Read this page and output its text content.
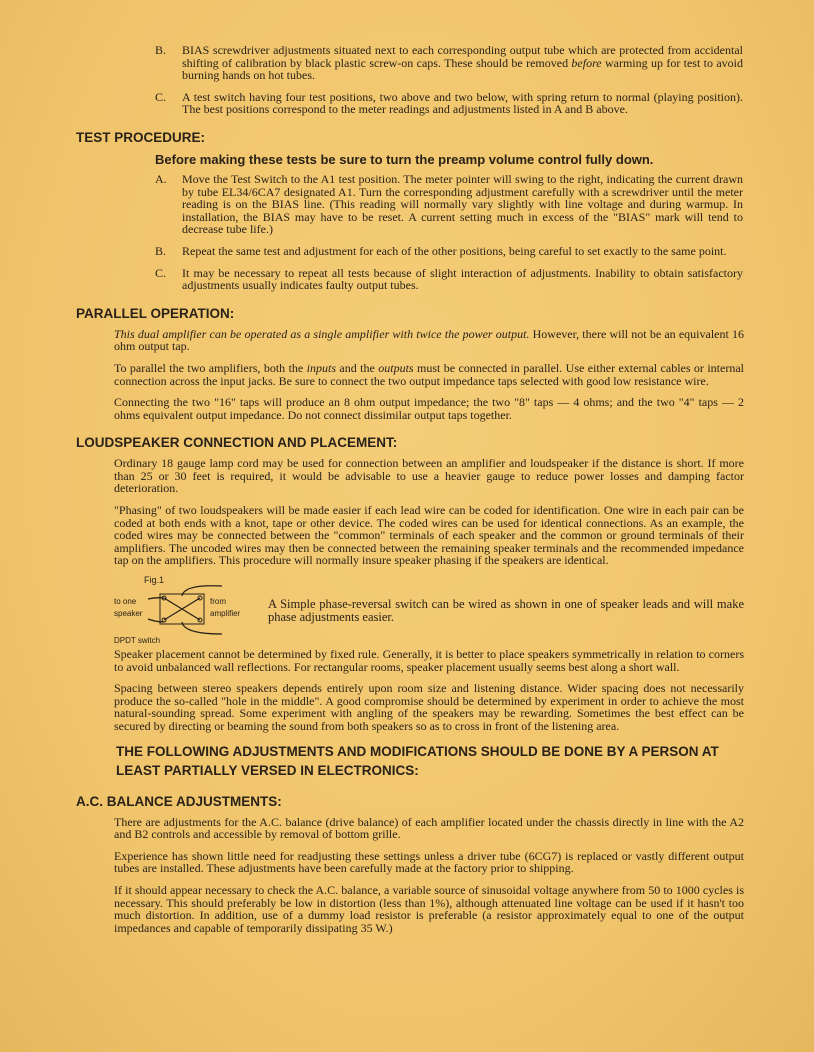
B. BIAS screwdriver adjustments situated next to each corresponding output tube which are protected from accidental shifting of calibration by black plastic screw-on caps. These should be removed before warming up for test to avoid burning hands on hot tubes.
C. A test switch having four test positions, two above and two below, with spring return to normal (playing position). The best positions correspond to the meter readings and adjustments listed in A and B above.
TEST PROCEDURE:
Before making these tests be sure to turn the preamp volume control fully down.
A. Move the Test Switch to the A1 test position. The meter pointer will swing to the right, indicating the current drawn by tube EL34/6CA7 designated A1. Turn the corresponding adjustment carefully with a screwdriver until the meter reading is on the BIAS line. (This reading will normally vary slightly with line voltage and during warmup. In installation, the BIAS may have to be reset. A current setting much in excess of the "BIAS" mark will tend to decrease tube life.)
B. Repeat the same test and adjustment for each of the other positions, being careful to set exactly to the same point.
C. It may be necessary to repeat all tests because of slight interaction of adjustments. Inability to obtain satisfactory adjustments usually indicates faulty output tubes.
PARALLEL OPERATION:
This dual amplifier can be operated as a single amplifier with twice the power output. However, there will not be an equivalent 16 ohm output tap.
To parallel the two amplifiers, both the inputs and the outputs must be connected in parallel. Use either external cables or internal connection across the input jacks. Be sure to connect the two output impedance taps selected with good low resistance wire.
Connecting the two "16" taps will produce an 8 ohm output impedance; the two "8" taps — 4 ohms; and the two "4" taps — 2 ohms equivalent output impedance. Do not connect dissimilar output taps together.
LOUDSPEAKER CONNECTION AND PLACEMENT:
Ordinary 18 gauge lamp cord may be used for connection between an amplifier and loudspeaker if the distance is short. If more than 25 or 30 feet is required, it would be advisable to use a heavier gauge to reduce power losses and damping factor deterioration.
"Phasing" of two loudspeakers will be made easier if each lead wire can be coded for identification. One wire in each pair can be coded at both ends with a knot, tape or other device. The coded wires can be used for identical connections. As an example, the coded wires may be connected between the "common" terminals of each speaker and the common or ground terminals of their amplifiers. The uncoded wires may then be connected between the remaining speaker terminals and the recommended impedance tap on the amplifiers. This procedure will normally insure speaker phasing if the speakers are identical.
Fig.1
to one
speaker
from
amplifier
DPDT switch
A Simple phase-reversal switch can be wired as shown in one of speaker leads and will make phase adjustments easier.
Speaker placement cannot be determined by fixed rule. Generally, it is better to place speakers symmetrically in relation to corners to avoid unbalanced wall reflections. For rectangular rooms, speaker placement usually seems best along a short wall.
Spacing between stereo speakers depends entirely upon room size and listening distance. Wider spacing does not necessarily produce the so-called "hole in the middle". A good compromise should be determined by experiment in order to achieve the most natural-sounding spread. Some experiment with angling of the speakers may be rewarding. Sometimes the best effect can be secured by directing or beaming the sound from both speakers so as to cross in front of the listening area.
THE FOLLOWING ADJUSTMENTS AND MODIFICATIONS SHOULD BE DONE BY A PERSON AT LEAST PARTIALLY VERSED IN ELECTRONICS:
A.C. BALANCE ADJUSTMENTS:
There are adjustments for the A.C. balance (drive balance) of each amplifier located under the chassis directly in line with the A2 and B2 controls and accessible by removal of bottom grille.
Experience has shown little need for readjusting these settings unless a driver tube (6CG7) is replaced or vastly different output tubes are installed. These adjustments have been carefully made at the factory prior to shipping.
If it should appear necessary to check the A.C. balance, a variable source of sinusoidal voltage anywhere from 50 to 1000 cycles is necessary. This should preferably be low in distortion (less than 1%), although attenuated line voltage can be used if it hasn't too much distortion. In addition, use of a dummy load resistor is preferable (a resistor approximately equal to one of the output impedances and capable of temporarily dissipating 35 W.)
